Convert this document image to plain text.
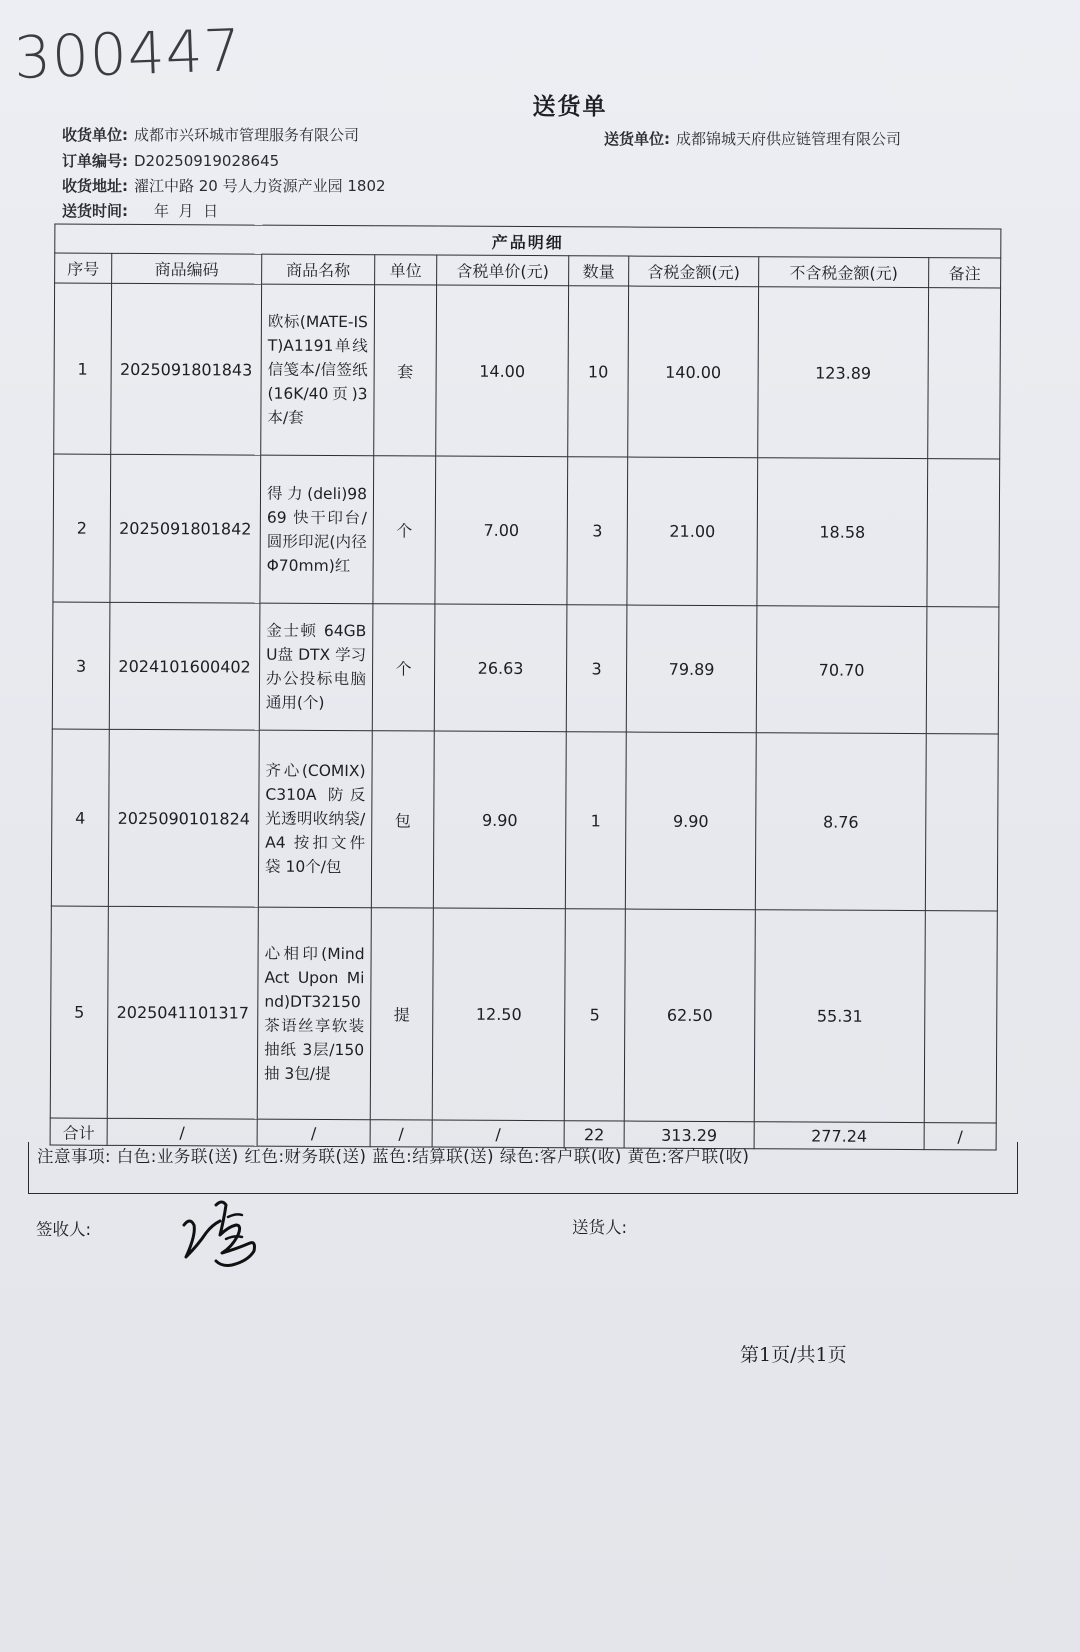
300447
送货单
收货单位: 成都市兴环城市管理服务有限公司	送货单位: 成都锦城天府供应链管理有限公司
订单编号: D20250919028645
收货地址: 濯江中路 20 号人力资源产业园 1802
送货时间: 年  月  日
产品明细								
序号	商品编码	商品名称	单位	含税单价(元)	数量	含税金额(元)	不含税金额(元)	备注
1	2025091801843	欧标(MATE-IST)A1191单线信笺本/信签纸(16K/40页)3本/套	套	14.00	10	140.00	123.89	
2	2025091801842	得力(deli)9869 快干印台/圆形印泥(内径Φ70mm)红	个	7.00	3	21.00	18.58	
3	2024101600402	金士顿 64GB U盘 DTX 学习办公投标电脑通用(个)	个	26.63	3	79.89	70.70	
4	2025090101824	齐心(COMIX)C310A 防反光透明收纳袋/A4 按扣文件袋 10个/包	包	9.90	1	9.90	8.76	
5	2025041101317	心相印(Mind Act Upon Mind)DT32150 茶语丝享软装抽纸 3层/150抽 3包/提	提	12.50	5	62.50	55.31	
合计	/	/	/	/	22	313.29	277.24	/
注意事项: 白色:业务联(送) 红色:财务联(送) 蓝色:结算联(送) 绿色:客户联(收) 黄色:客户联(收)
签收人:	送货人:
第1页/共1页
